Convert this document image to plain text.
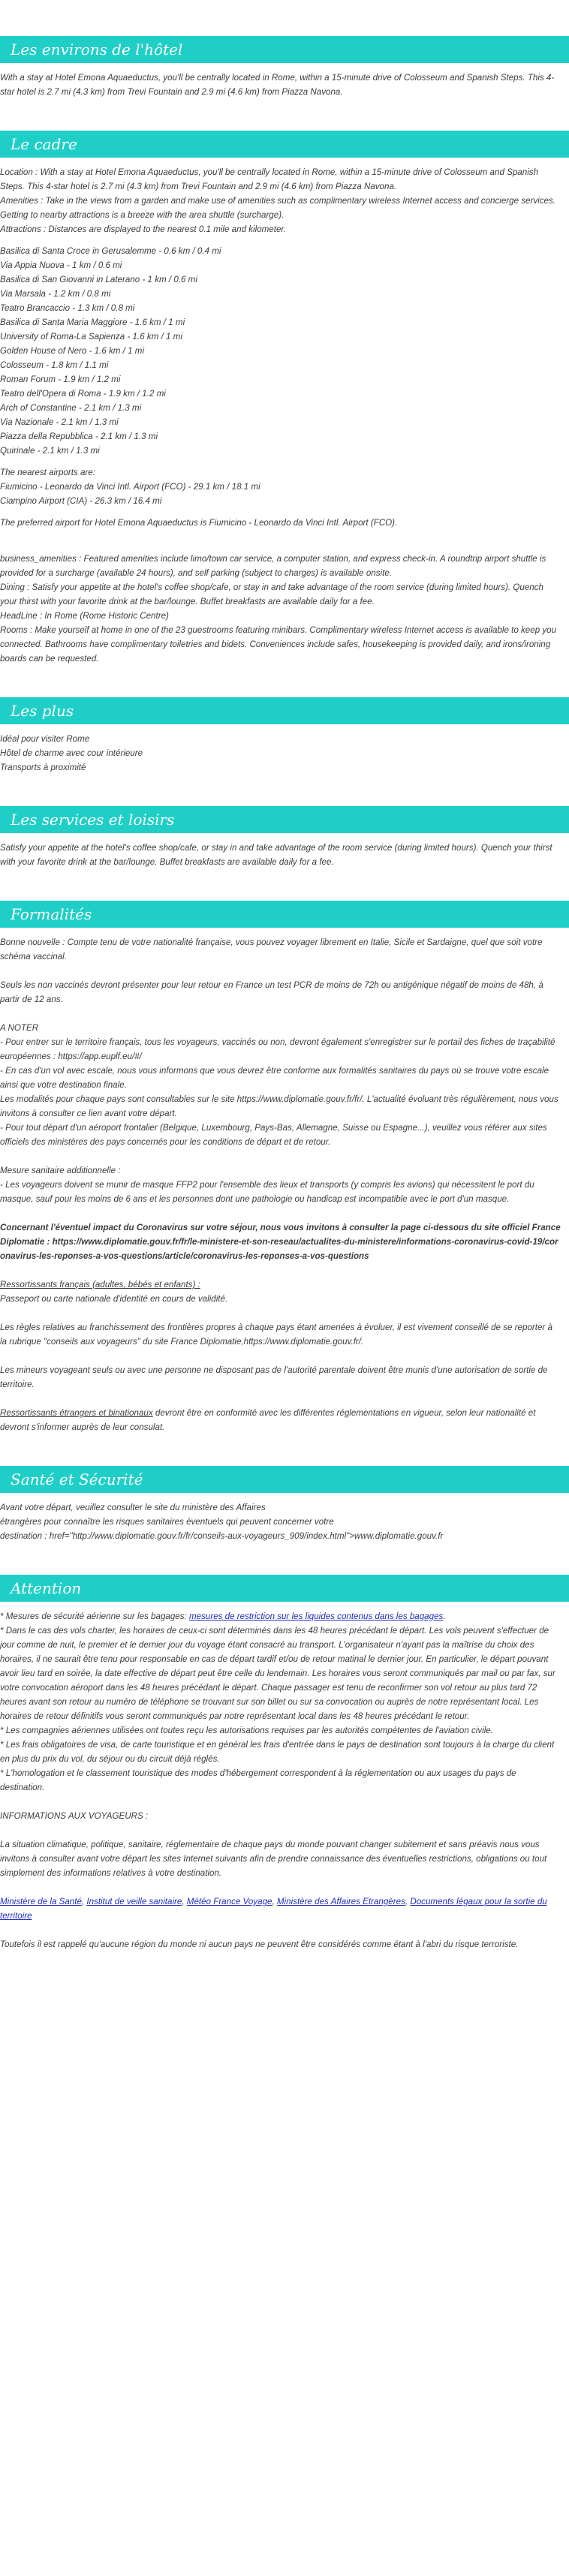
Les environs de l'hôtel

With a stay at Hotel Emona Aquaeductus, you'll be centrally located in Rome, within a 15-minute drive of Colosseum and Spanish Steps. This 4-star hotel is 2.7 mi (4.3 km) from Trevi Fountain and 2.9 mi (4.6 km) from Piazza Navona.

Le cadre
Location : With a stay at Hotel Emona Aquaeductus, you'll be centrally located in Rome, within a 15-minute drive of Colosseum and Spanish Steps. This 4-star hotel is 2.7 mi (4.3 km) from Trevi Fountain and 2.9 mi (4.6 km) from Piazza Navona.
Amenities : Take in the views from a garden and make use of amenities such as complimentary wireless Internet access and concierge services. Getting to nearby attractions is a breeze with the area shuttle (surcharge).
Attractions : Distances are displayed to the nearest 0.1 mile and kilometer.
Basilica di Santa Croce in Gerusalemme - 0.6 km / 0.4 mi
Via Appia Nuova - 1 km / 0.6 mi
Basilica di San Giovanni in Laterano - 1 km / 0.6 mi
Via Marsala - 1.2 km / 0.8 mi
Teatro Brancaccio - 1.3 km / 0.8 mi
Basilica di Santa Maria Maggiore - 1.6 km / 1 mi
University of Roma-La Sapienza - 1.6 km / 1 mi
Golden House of Nero - 1.6 km / 1 mi
Colosseum - 1.8 km / 1.1 mi
Roman Forum - 1.9 km / 1.2 mi
Teatro dell'Opera di Roma - 1.9 km / 1.2 mi
Arch of Constantine - 2.1 km / 1.3 mi
Via Nazionale - 2.1 km / 1.3 mi
Piazza della Repubblica - 2.1 km / 1.3 mi
Quirinale - 2.1 km / 1.3 mi
The nearest airports are:
Fiumicino - Leonardo da Vinci Intl. Airport (FCO) - 29.1 km / 18.1 mi
Ciampino Airport (CIA) - 26.3 km / 16.4 mi
The preferred airport for Hotel Emona Aquaeductus is Fiumicino - Leonardo da Vinci Intl. Airport (FCO).
business_amenities : Featured amenities include limo/town car service, a computer station, and express check-in. A roundtrip airport shuttle is provided for a surcharge (available 24 hours), and self parking (subject to charges) is available onsite.
Dining : Satisfy your appetite at the hotel's coffee shop/cafe, or stay in and take advantage of the room service (during limited hours). Quench your thirst with your favorite drink at the bar/lounge. Buffet breakfasts are available daily for a fee.
HeadLine : In Rome (Rome Historic Centre)
Rooms : Make yourself at home in one of the 23 guestrooms featuring minibars. Complimentary wireless Internet access is available to keep you connected. Bathrooms have complimentary toiletries and bidets. Conveniences include safes, housekeeping is provided daily, and irons/ironing boards can be requested.
Les plus
Idéal pour visiter Rome
Hôtel de charme avec cour intérieure
Transports à proximité
Les services et loisirs

Satisfy your appetite at the hotel's coffee shop/cafe, or stay in and take advantage of the room service (during limited hours). Quench your thirst with your favorite drink at the bar/lounge. Buffet breakfasts are available daily for a fee.

Formalités
Bonne nouvelle : Compte tenu de votre nationalité française, vous pouvez voyager librement en Italie, Sicile et Sardaigne, quel que soit votre schéma vaccinal.
Seuls les non vaccinés devront présenter pour leur retour en France un test PCR de moins de 72h ou antigénique négatif de moins de 48h, à partir de 12 ans.
A NOTER
- Pour entrer sur le territoire français, tous les voyageurs, vaccinés ou non, devront également s'enregistrer sur le portail des fiches de traçabilité européennes : https://app.euplf.eu/#/
- En cas d'un vol avec escale, nous vous informons que vous devrez être conforme aux formalités sanitaires du pays où se trouve votre escale ainsi que votre destination finale.
Les modalités pour chaque pays sont consultables sur le site https://www.diplomatie.gouv.fr/fr/. L'actualité évoluant très régulièrement, nous vous invitons à consulter ce lien avant votre départ.
- Pour tout départ d'un aéroport frontalier (Belgique, Luxembourg, Pays-Bas, Allemagne, Suisse ou Espagne...), veuillez vous référer aux sites officiels des ministères des pays concernés pour les conditions de départ et de retour.
Mesure sanitaire additionnelle :
- Les voyageurs doivent se munir de masque FFP2 pour l'ensemble des lieux et transports (y compris les avions) qui nécessitent le port du masque, sauf pour les moins de 6 ans et les personnes dont une pathologie ou handicap est incompatible avec le port d'un masque.
Concernant l'éventuel impact du Coronavirus sur votre séjour, nous vous invitons à consulter la page ci-dessous du site officiel France Diplomatie : https://www.diplomatie.gouv.fr/fr/le-ministere-et-son-reseau/actualites-du-ministere/informations-coronavirus-covid-19/coronavirus-les-reponses-a-vos-questions/article/coronavirus-les-reponses-a-vos-questions
Ressortissants français (adultes, bébés et enfants) :
Passeport ou carte nationale d'identité en cours de validité.
Les règles relatives au franchissement des frontières propres à chaque pays étant amenées à évoluer, il est vivement conseillé de se reporter à la rubrique "conseils aux voyageurs" du site France Diplomatie,https://www.diplomatie.gouv.fr/.
Les mineurs voyageant seuls ou avec une personne ne disposant pas de l'autorité parentale doivent être munis d'une autorisation de sortie de territoire.
Ressortissants étrangers et binationaux devront être en conformité avec les différentes réglementations en vigueur, selon leur nationalité et devront s'informer auprès de leur consulat.
Santé et Sécurité
Avant votre départ, veuillez consulter le site du ministère des Affaires
étrangères pour connaître les risques sanitaires éventuels qui peuvent concerner votre
destination : href="http://www.diplomatie.gouv.fr/fr/conseils-aux-voyageurs_909/index.html">www.diplomatie.gouv.fr
Attention
* Mesures de sécurité aérienne sur les bagages: mesures de restriction sur les liquides contenus dans les bagages.
* Dans le cas des vols charter, les horaires de ceux-ci sont déterminés dans les 48 heures précédant le départ. Les vols peuvent s'effectuer de jour comme de nuit, le premier et le dernier jour du voyage étant consacré au transport. L'organisateur n'ayant pas la maîtrise du choix des horaires, il ne saurait être tenu pour responsable en cas de départ tardif et/ou de retour matinal le dernier jour. En particulier, le départ pouvant avoir lieu tard en soirée, la date effective de départ peut être celle du lendemain. Les horaires vous seront communiqués par mail ou par fax, sur votre convocation aéroport dans les 48 heures précédant le départ. Chaque passager est tenu de reconfirmer son vol retour au plus tard 72 heures avant son retour au numéro de téléphone se trouvant sur son billet ou sur sa convocation ou auprès de notre représentant local. Les horaires de retour définitifs vous seront communiqués par notre représentant local dans les 48 heures précédant le retour.
* Les compagnies aériennes utilisées ont toutes reçu les autorisations requises par les autorités compétentes de l'aviation civile.
* Les frais obligatoires de visa, de carte touristique et en général les frais d'entrée dans le pays de destination sont toujours à la charge du client en plus du prix du vol, du séjour ou du circuit déjà réglés.
* L'homologation et le classement touristique des modes d'hébergement correspondent à la réglementation ou aux usages du pays de destination.
INFORMATIONS AUX VOYAGEURS :
La situation climatique, politique, sanitaire, réglementaire de chaque pays du monde pouvant changer subitement et sans préavis nous vous invitons à consulter avant votre départ les sites Internet suivants afin de prendre connaissance des éventuelles restrictions, obligations ou tout simplement des informations relatives à votre destination.
Ministère de la Santé, Institut de veille sanitaire, Météo France Voyage, Ministère des Affaires Etrangères, Documents légaux pour la sortie du territoire
Toutefois il est rappelé qu'aucune région du monde ni aucun pays ne peuvent être considérés comme étant à l'abri du risque terroriste.
